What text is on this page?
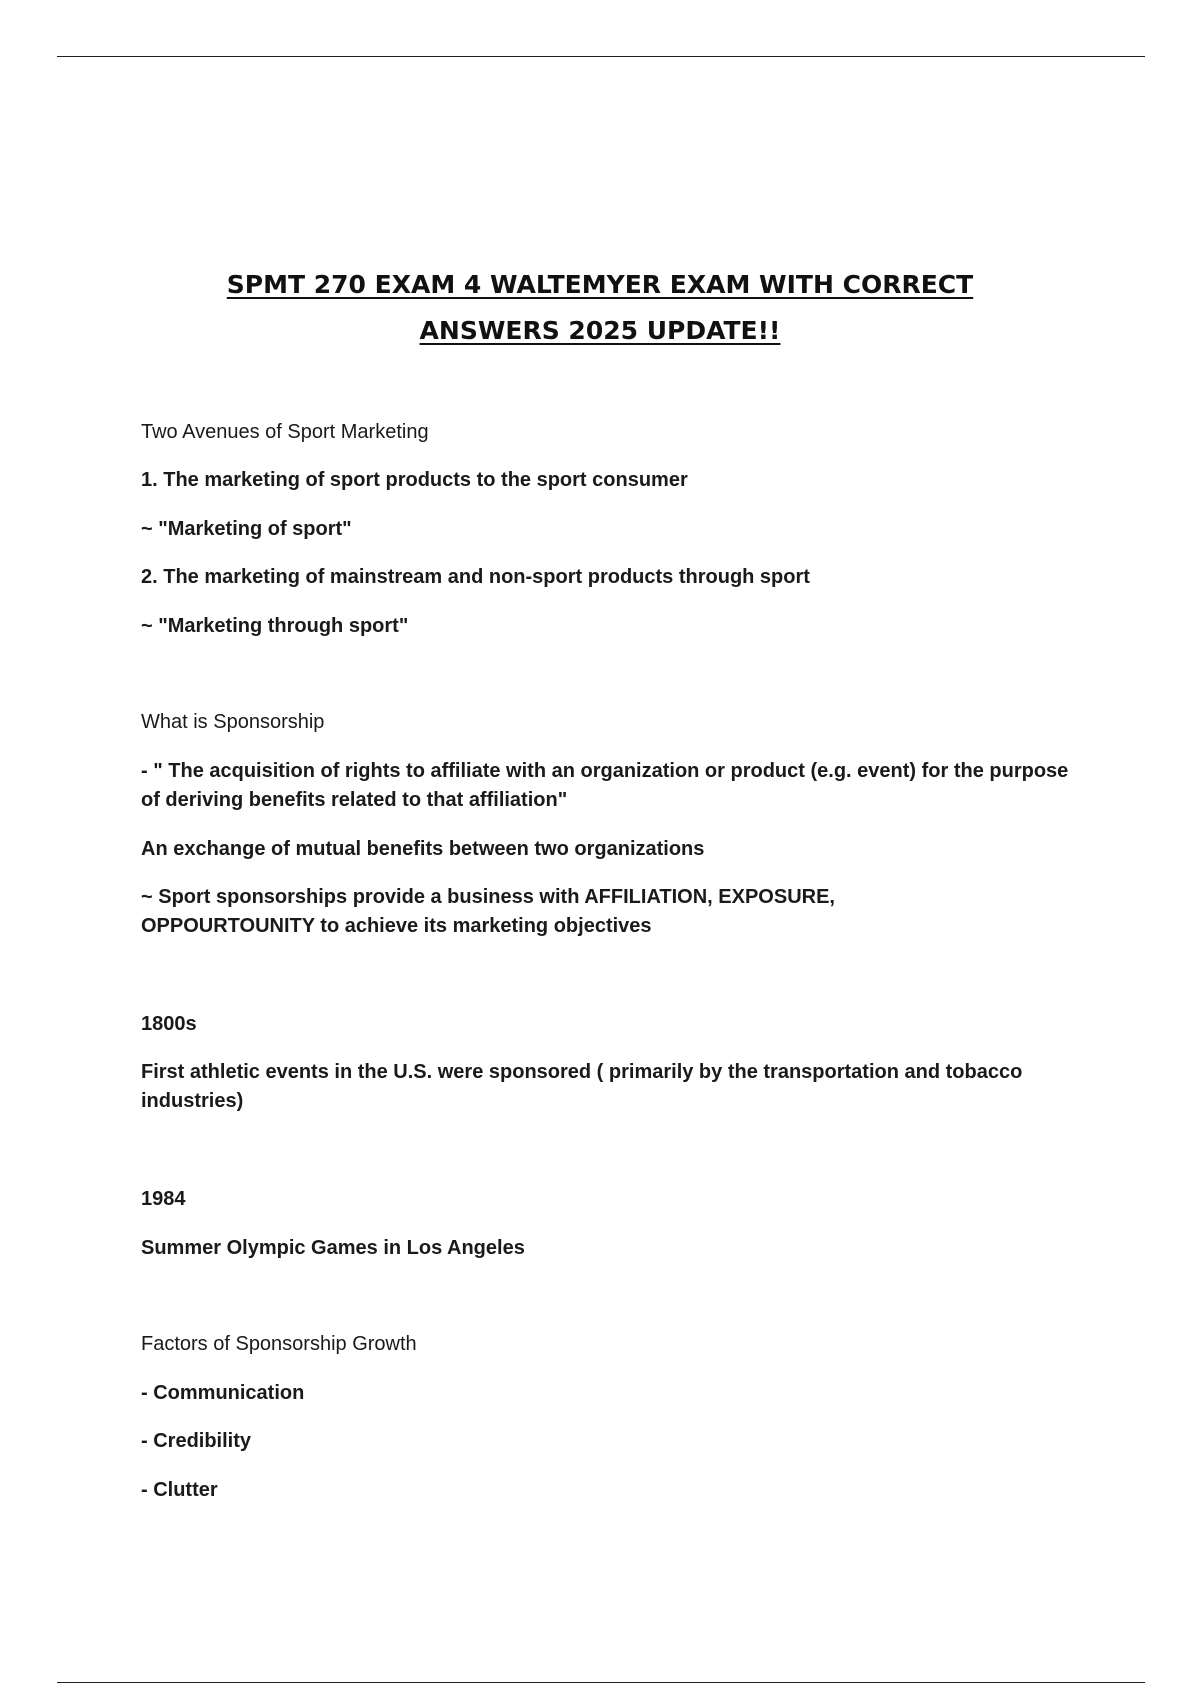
SPMT 270 EXAM 4 WALTEMYER EXAM WITH CORRECT
ANSWERS 2025 UPDATE!!
Two Avenues of Sport Marketing
1. The marketing of sport products to the sport consumer
~ "Marketing of sport"
2. The marketing of mainstream and non-sport products through sport
~ "Marketing through sport"
What is Sponsorship
- " The acquisition of rights to affiliate with an organization or product (e.g. event) for the purpose of deriving benefits related to that affiliation"
An exchange of mutual benefits between two organizations
~ Sport sponsorships provide a business with AFFILIATION, EXPOSURE, OPPOURTOUNITY to achieve its marketing objectives
1800s
First athletic events in the U.S. were sponsored ( primarily by the transportation and tobacco industries)
1984
Summer Olympic Games in Los Angeles
Factors of Sponsorship Growth
- Communication
- Credibility
- Clutter
